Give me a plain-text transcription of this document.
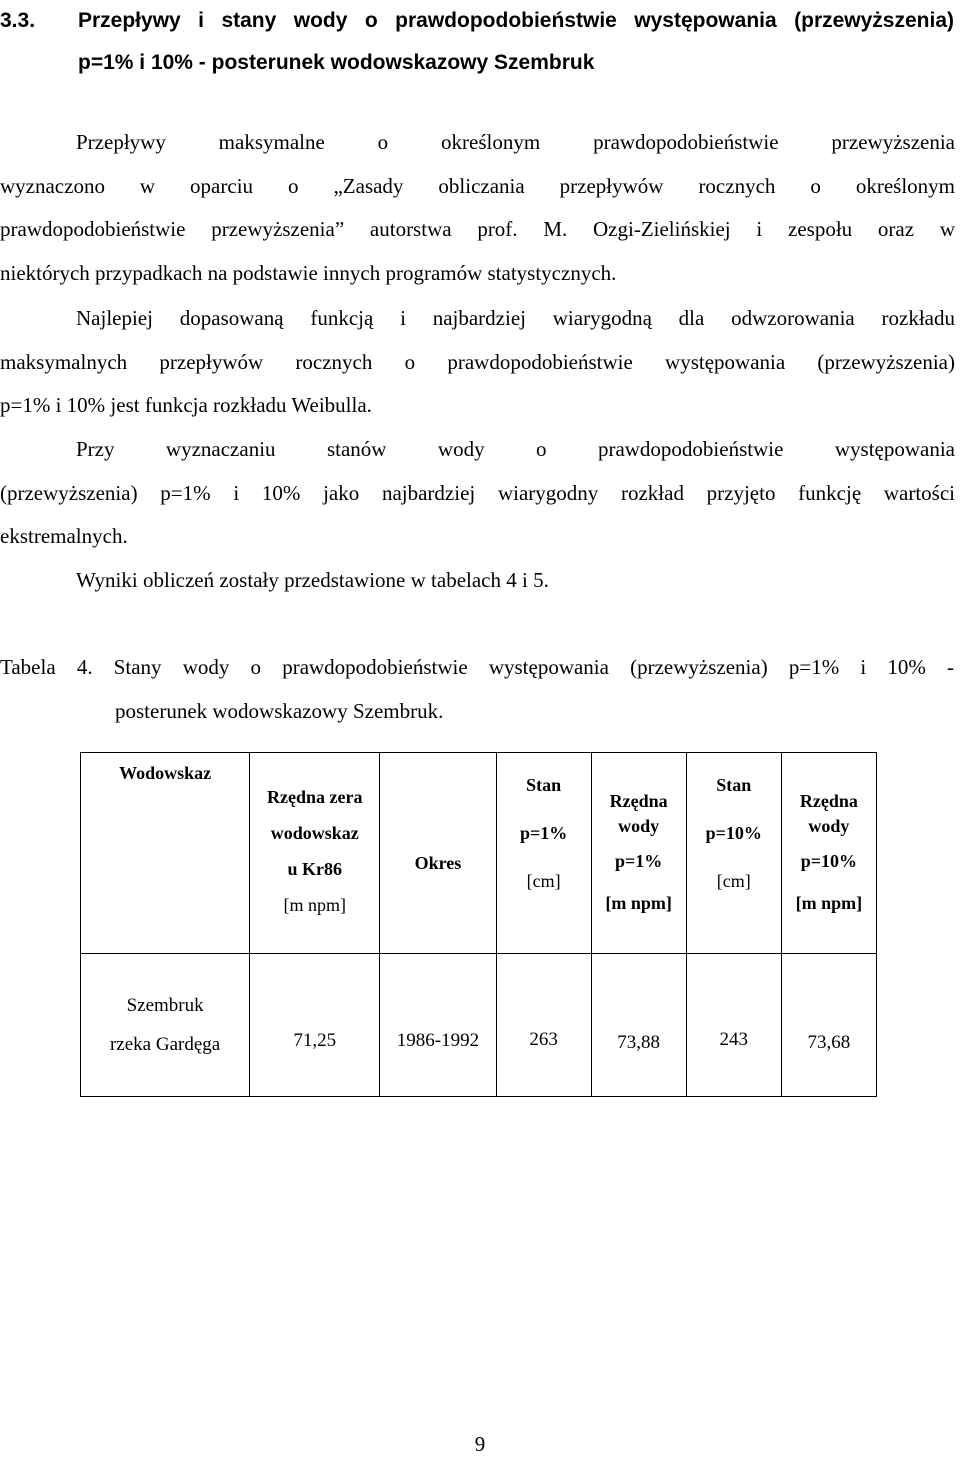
3.3. Przepływy i stany wody o prawdopodobieństwie występowania (przewyższenia)
p=1% i 10% - posterunek wodowskazowy Szembruk
Przepływy maksymalne o określonym prawdopodobieństwie przewyższenia
wyznaczono w oparciu o „Zasady obliczania przepływów rocznych o określonym
prawdopodobieństwie przewyższenia” autorstwa prof. M. Ozgi-Zielińskiej i zespołu oraz w
niektórych przypadkach na podstawie innych programów statystycznych.
Najlepiej dopasowaną funkcją i najbardziej wiarygodną dla odwzorowania rozkładu
maksymalnych przepływów rocznych o prawdopodobieństwie występowania (przewyższenia)
p=1% i 10% jest funkcja rozkładu Weibulla.
Przy wyznaczaniu stanów wody o prawdopodobieństwie występowania
(przewyższenia) p=1% i 10% jako najbardziej wiarygodny rozkład przyjęto funkcję wartości
ekstremalnych.
Wyniki obliczeń zostały przedstawione w tabelach 4 i 5.
Tabela 4. Stany wody o prawdopodobieństwie występowania (przewyższenia) p=1% i 10% -
posterunek wodowskazowy Szembruk.
Wodowskaz	Rzędna zera
wodowskaz
u Kr86
[m npm]	Okres	Stan
p=1%
[cm]	Rzędna
wody
p=1%
[m npm]	Stan
p=10%
[cm]	Rzędna
wody
p=10%
[m npm]

Szembruk
rzeka Gardęga	71,25	1986-1992	263	73,88	243	73,68
9
